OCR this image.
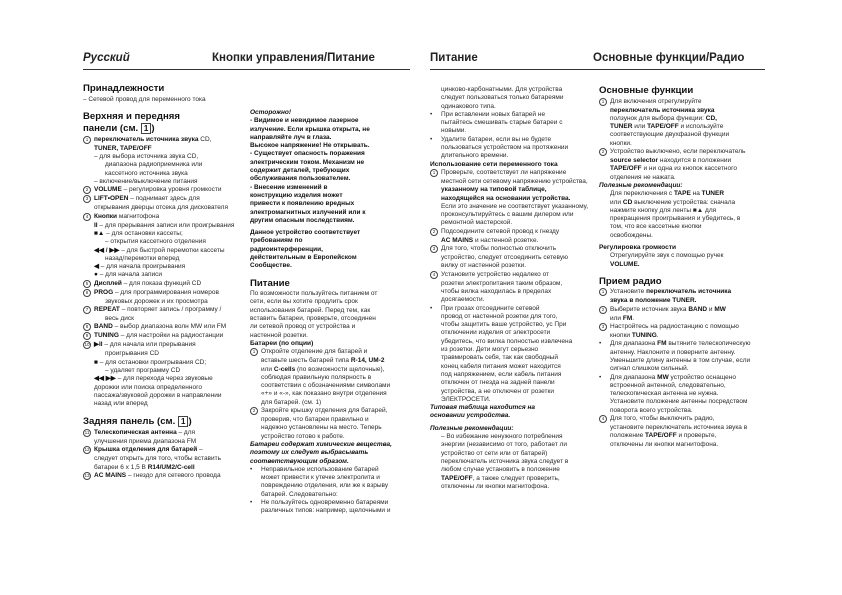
Русский	Кнопки управления/Питание
Принадлежности

– Сетевой провод для переменного тока

Верхняя и передняя
панели (см. 1 )
1 переключатель источника звука CD,

TUNER, TAPE/OFF

– для выбора источника звука CD,

диапазона радиоприемника или

кассетного источника звука

– включение/выключение питания

2 VOLUME – регулировка уровня громкости
3 LIFT•OPEN – поднимает здесь для

открывания дверцы отсека для дискователя

4 Кнопки магнитофона

II – для прерывания записи или проигрывания

■▲ – для остановки кассеты;

– открытия кассетного отделения

◀◀ / ▶▶ – для быстрой перемотки кассеты

назад/перемотки вперед

◀ – для начала проигрывания

● – для начала записи

5 Дисплей – для показа функций CD
6 PROG – для программирования номеров

звуковых дорожек и их просмотра

7 REPEAT – повторяет запись / программу /

весь диск

8 BAND – выбор диапазона волн MW или FM
9 TUNING – для настройки на радиостанции
10 ▶II – для начала или прерывания

проигрывания CD

■ – для остановки проигрывания CD;

– удаляет программу CD

◀◀ ▶▶ – для перехода через звуковые

дорожки или поиска определенного

пассажа/звуковой дорожки в направлении

назад или вперед

Задняя панель (см. 1 )
11 Телескопическая антенна – для

улучшения приема диапазона FM

12 Крышка отделения для батарей –

следует открыть для того, чтобы вставить

батареи 6 x 1,5 В R14/UM2/C-cell

13 AC MAINS – гнездо для сетевого провода

Осторожно!

- Видимое и невидимое лазерное

излучение. Если крышка открыта, не

направляйте луч в глаза.

Высокое напряжение! Не открывать.

- Существует опасность поражения

электрическим током. Механизм не

содержит деталей, требующих

обслуживания пользователем.

- Внесение изменений в

конструкцию изделия может

привести к появлению вредных

электромагнитных излучений или к

другим опасным последствиям.

Данное устройство соответствует

требованиям по

радиоинтерференции,

действительным в Европейском

Сообществе.

Питание

По возможности пользуйтесь питанием от

сети, если вы хотите продлить срок

использования батарей. Перед тем, как

вставить батареи, проверьте, отсоединен

ли сетевой провод от устройства и

настенной розетки.

Батареи (по опции)

1 Откройте отделение для батарей и

вставьте шесть батарей типа R-14, UM-2

или C-cells (по возможности щелочные),

соблюдая правильную полярность в

соответствии с обозначениями символами

«+» и «-», как показано внутри отделения

для батарей. (см. 1)

2 Закройте крышку отделения для батарей,

проверив, что батареи правильно и

надежно установлены на место. Теперь

устройство готово к работе.

Батареи содержат химические вещества,

поэтому их следует выбрасывать

соответствующим образом.

•	Неправильное использование батарей

может привести к утечке электролита и

повреждению отделения, или же к взрыву

батарей. Следовательно:

•	Не пользуйтесь одновременно батареями

различных типов: например, щелочными и

Питание	Основные функции/Радио

цинково-карбонатными. Для устройства

следует пользоваться только батареями

одинакового типа.

•	При вставлении новых батарей не

пытайтесь смешивать старые батареи с

новыми.

•	Удалите батареи, если вы не будете

пользоваться устройством на протяжении

длительного времени.

Использование сети переменного тока

1 Проверьте, соответствует ли напряжение

местной сети сетевому напряжению устройства,

указанному на типовой таблице,

находящейся на основании устройства.

Если это значение не соответствует указанному,

проконсультируйтесь с вашим дилером или

ремонтной мастерской.

2 Подсоедините сетевой провод к гнезду

AC MAINS и настенной розетке.

3 Для того, чтобы полностью отключить

устройство, следует отсоединить сетевую

вилку от настенной розетки.

4 Установите устройство недалеко от

розетки электропитания таким образом,

чтобы вилка находилась в пределах

досягаемости.

•	При грозах отсоедините сетевой

провод от настенной розетки для того,

чтобы защитить ваше устройство, ус При

отключении изделия от электросети

убедитесь, что вилка полностью извлечена

из розетки. Дети могут серьезно

травмировать себя, так как свободный

конец кабеля питания может находится

под напряжением, если кабель питания

отключен от гнезда на задней панели

устройства, а не отключен от розетки

ЭЛЕКТРОСЕТИ.

Типовая таблица находится на

основании устройства.

Полезные рекомендации:

– Во избежание ненужного потребления

энергии (независимо от того, работает ли

устройство от сети или от батарей)

переключатель источника звука следует в

любом случае установить в положение

TAPE/OFF, а также следует проверить,

отключены ли кнопки магнитофона.

Основные функции
1 Для включения отрегулируйте

переключатель источника звука

ползунок для выбора функции: CD,

TUNER или TAPE/OFF и используйте

соответствующие двухфазной функции

кнопки.

2 Устройство выключено, если переключатель

source selector находится в положении

TAPE/OFF и ни одна из кнопок кассетного

отделения не нажата.

Полезные рекомендации:

Для переключения с TAPE на TUNER

или CD выключение устройства: сначала

нажмите кнопку для ленты ■▲ для

прекращения проигрывания и убедитесь, в

том, что все кассетные кнопки

освобождены.

Регулировка громкости

Отрегулируйте звук с помощью ручек

VOLUME.

Прием радио
1 Установите переключатель источника

звука в положение TUNER.

2 Выберите источник звука BAND и MW

или FM.

3 Настройтесь на радиостанцию с помощью

кнопки TUNING.

•	Для диапазона FM вытяните телескопическую

антенну. Наклоните и поверните антенну.

Уменьшите длину антенны в том случае, если

сигнал слишком сильный.

•	Для диапазона MW устройство оснащено

встроенной антенной, следовательно,

телескопическая антенна не нужна.

Установите положение антенны посредством

поворота всего устройства.

4 Для того, чтобы выключить радио,

установите переключатель источника звука в

положение TAPE/OFF и проверьте,

отключены ли кнопки магнитофона.
